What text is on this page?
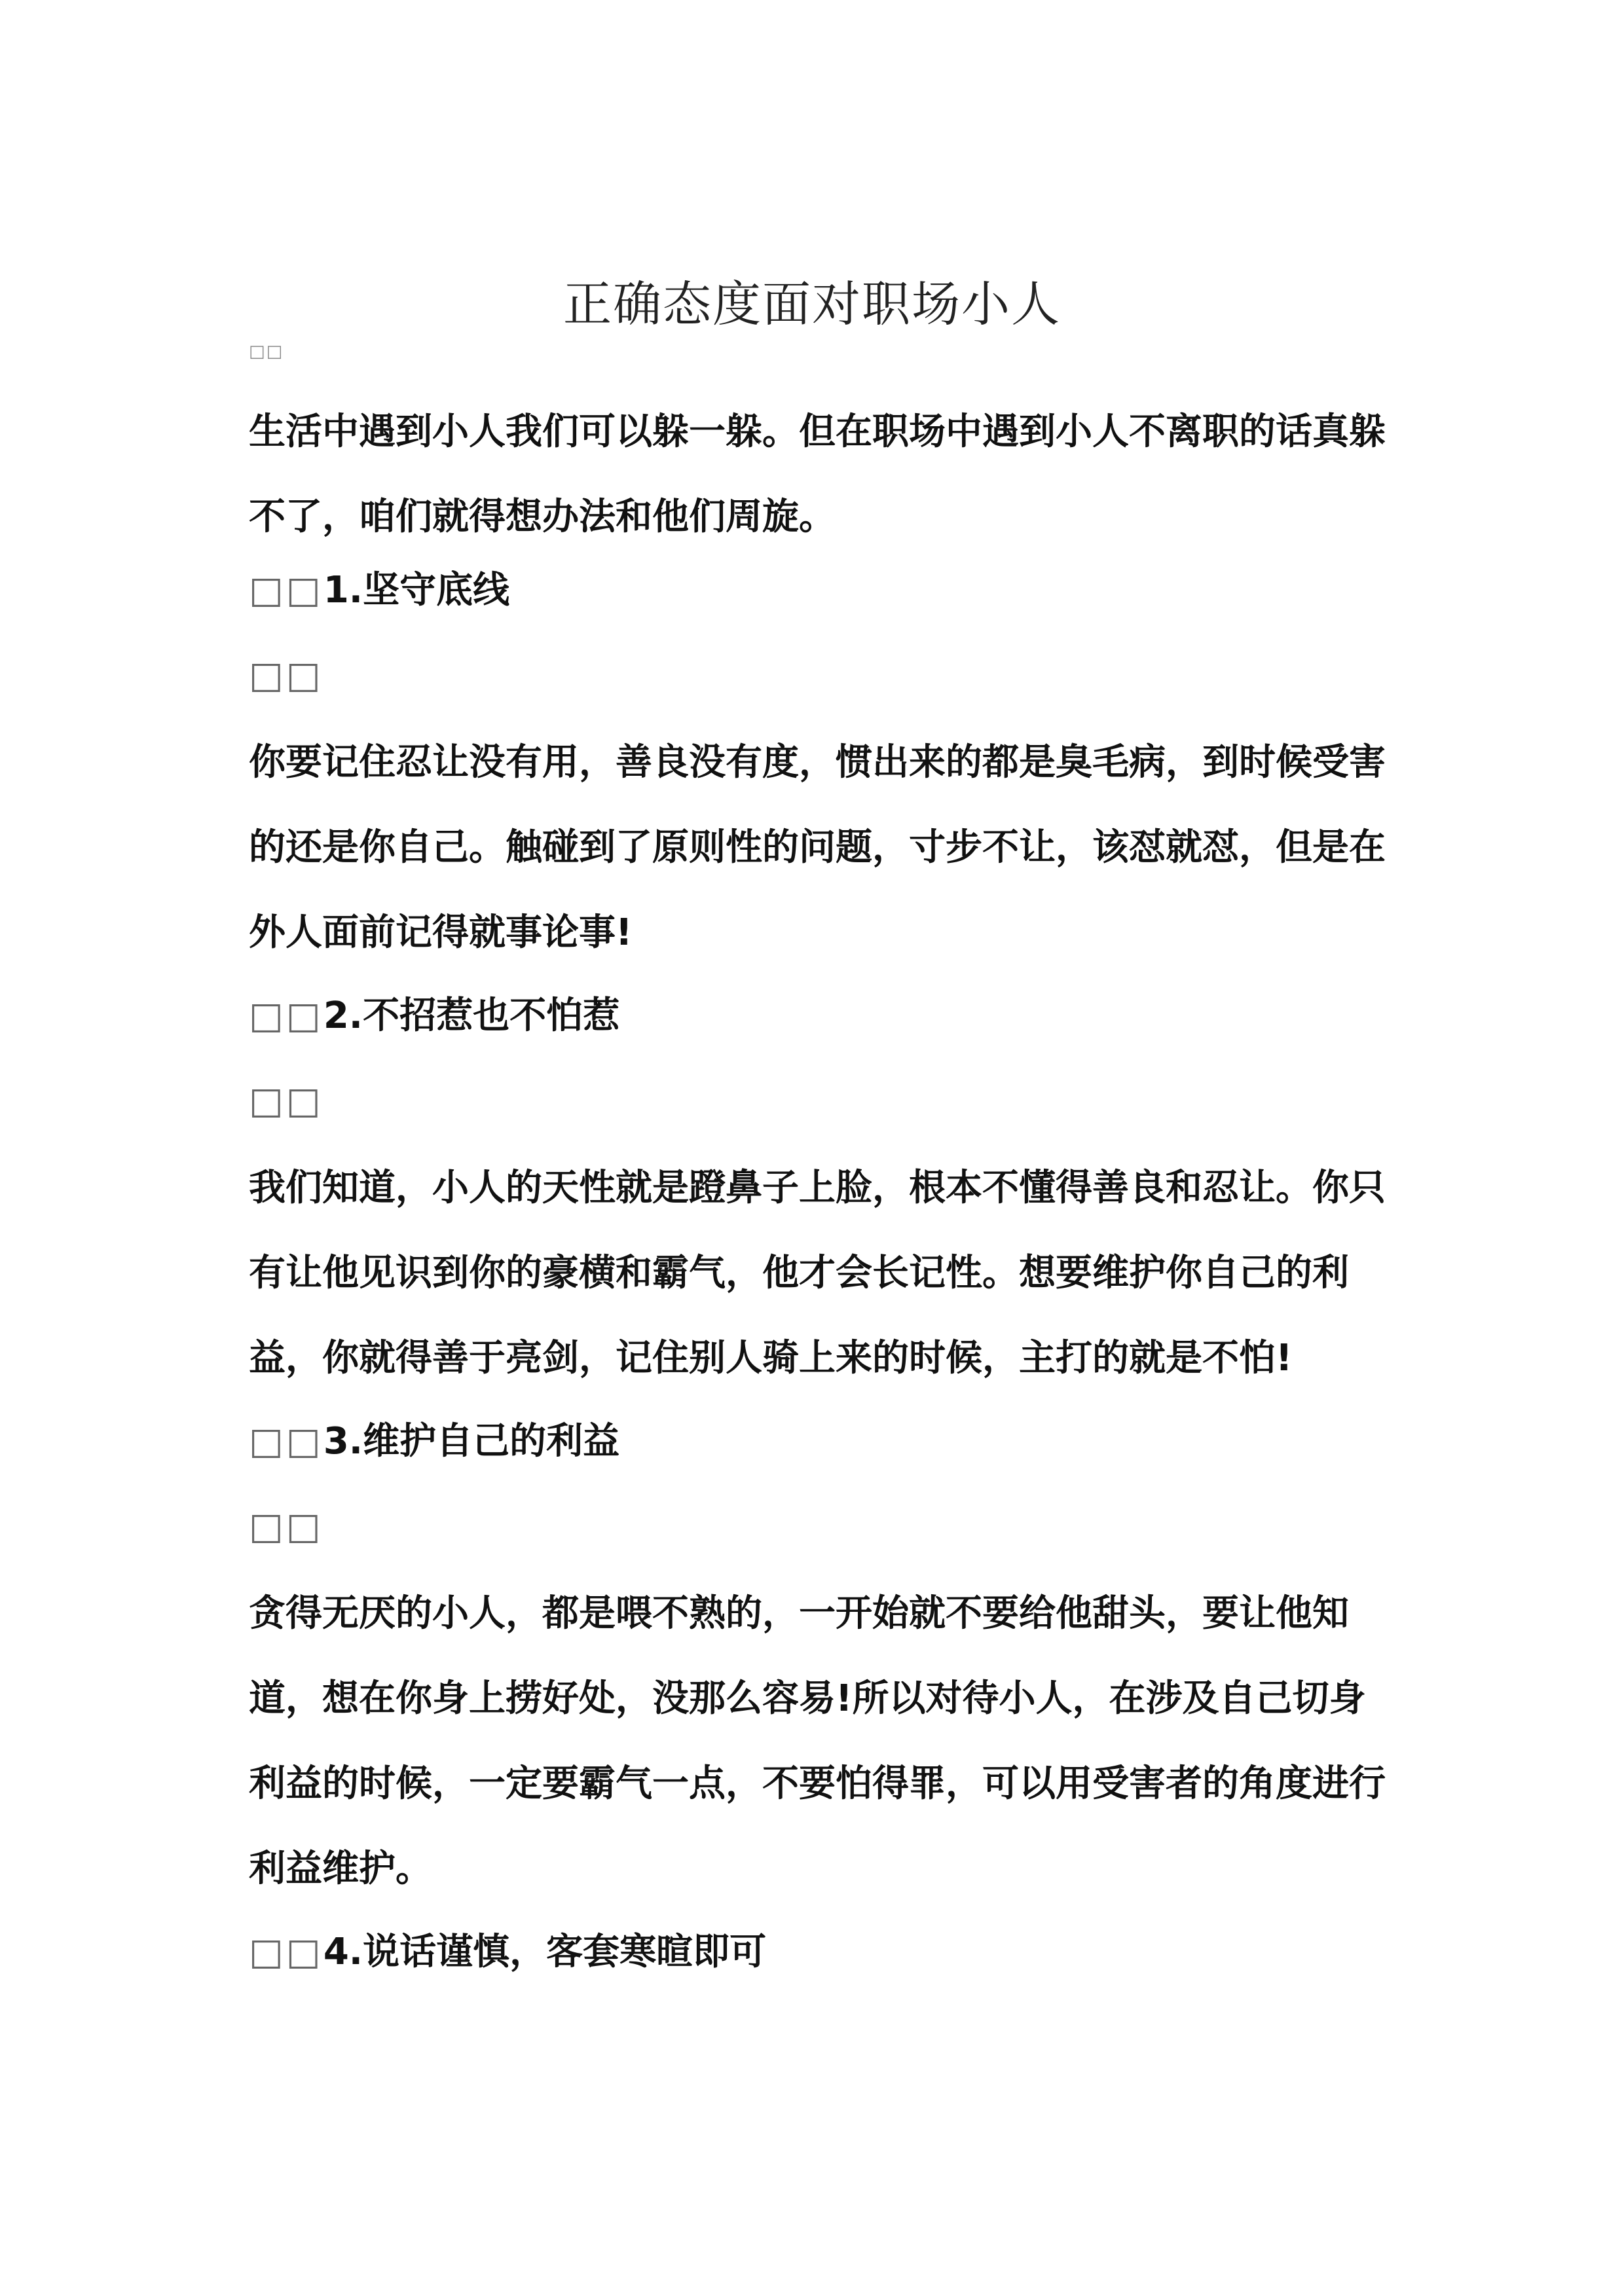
正确态度面对职场小人
□□

生活中遇到小人我们可以躲一躲。但在职场中遇到小人不离职的话真躲不了，咱们就得想办法和他们周旋。

□□1.坚守底线

□□

你要记住忍让没有用，善良没有度，惯出来的都是臭毛病，到时候受害的还是你自己。触碰到了原则性的问题，寸步不让，该怼就怼，但是在外人面前记得就事论事!

□□2.不招惹也不怕惹

□□

我们知道，小人的天性就是蹬鼻子上脸，根本不懂得善良和忍让。你只有让他见识到你的豪横和霸气，他才会长记性。想要维护你自己的利益，你就得善于亮剑，记住别人骑上来的时候，主打的就是不怕!

□□3.维护自己的利益

□□

贪得无厌的小人，都是喂不熟的，一开始就不要给他甜头，要让他知道，想在你身上捞好处，没那么容易!所以对待小人，在涉及自己切身利益的时候，一定要霸气一点，不要怕得罪，可以用受害者的角度进行利益维护。

□□4.说话谨慎，客套寒暄即可
